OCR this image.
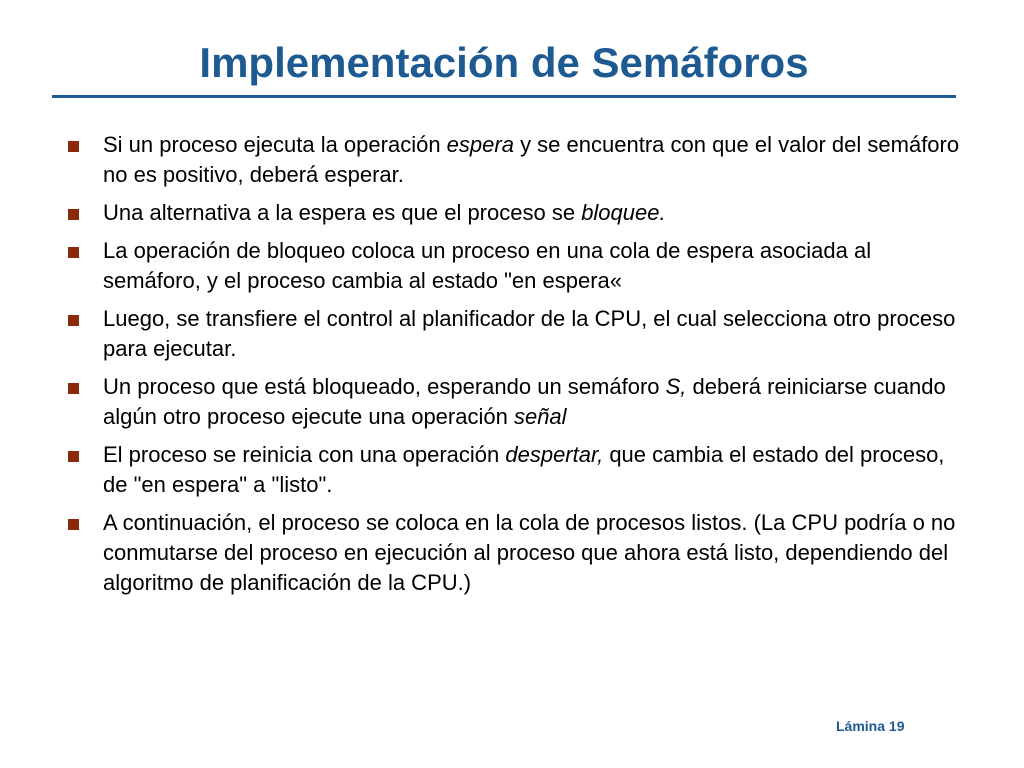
Implementación de Semáforos
Si un proceso ejecuta la operación espera y se encuentra con que el valor del semáforo no es positivo, deberá esperar.
Una alternativa a la espera es que el proceso se bloquee.
La operación de bloqueo coloca un proceso en una cola de espera asociada al semáforo, y el proceso cambia al estado "en espera«
Luego, se transfiere el control al planificador de la CPU, el cual selecciona otro proceso para ejecutar.
Un proceso que está bloqueado, esperando un semáforo S, deberá reiniciarse cuando algún otro proceso ejecute una operación señal
El proceso se reinicia con una operación despertar, que cambia el estado del proceso, de "en espera" a "listo".
A continuación, el proceso se coloca en la cola de procesos listos. (La CPU podría o no conmutarse del proceso en ejecución al proceso que ahora está listo, dependiendo del algoritmo de planificación de la CPU.)
Lámina 19
